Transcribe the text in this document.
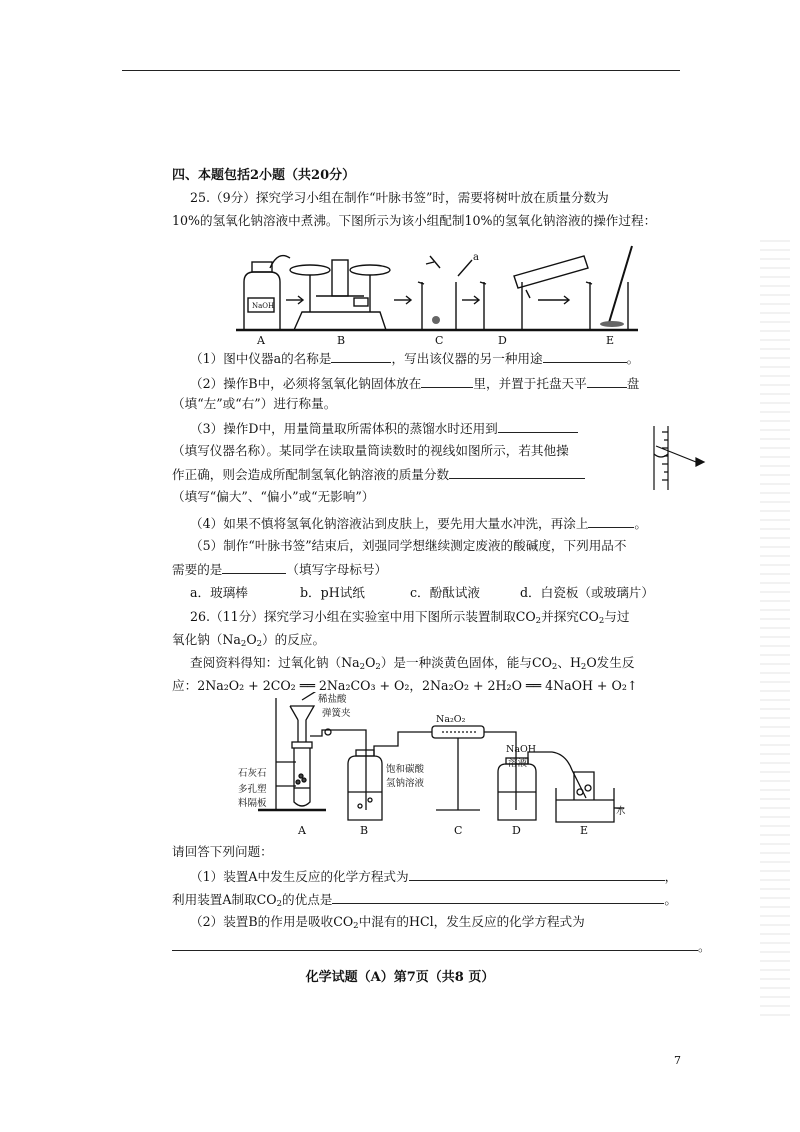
四、本题包括2小题（共20分）
25.（9分）探究学习小组在制作“叶脉书签”时，需要将树叶放在质量分数为
10%的氢氧化钠溶液中煮沸。下图所示为该小组配制10%的氢氧化钠溶液的操作过程：
NaOH
a
A	B	C	D	E
（1）图中仪器a的名称是	，写出该仪器的另一种用途	。
（2）操作B中，必须将氢氧化钠固体放在	里，并置于托盘天平	盘
（填“左”或“右”）进行称量。
（3）操作D中，用量筒量取所需体积的蒸馏水时还用到
（填写仪器名称）。某同学在读取量筒读数时的视线如图所示，若其他操
作正确，则会造成所配制氢氧化钠溶液的质量分数
（填写“偏大”、“偏小”或“无影响”）
（4）如果不慎将氢氧化钠溶液沾到皮肤上，要先用大量水冲洗，再涂上	。
（5）制作“叶脉书签”结束后，刘强同学想继续测定废液的酸碱度，下列用品不
需要的是	（填写字母标号）
a．玻璃棒	b．pH试纸	c．酚酞试液	d．白瓷板（或玻璃片）
26.（11分）探究学习小组在实验室中用下图所示装置制取$CO_2$并探究$CO_2$与过
氧化钠$(Na_2O_2)$的反应。
查阅资料得知：过氧化钠$(Na_2O_2)$是一种淡黄色固体，能与$CO_2$、$H_2O$发生反
应：2Na₂O₂ + 2CO₂ ══ 2Na₂CO₃ + O₂，2Na₂O₂ + 2H₂O ══ 4NaOH + O₂↑
稀盐酸
弹簧夹
石灰石
多孔塑
料隔板
Na₂O₂
饱和碳酸
氢钠溶液
NaOH
溶液
水
A	B	C	D	E
请回答下列问题：
（1）装置A中发生反应的化学方程式为	，
利用装置A制取$CO_2$的优点是	。
（2）装置B的作用是吸收$CO_2$中混有的HCl，发生反应的化学方程式为
。
化学试题（A）第7页（共8 页）
7
